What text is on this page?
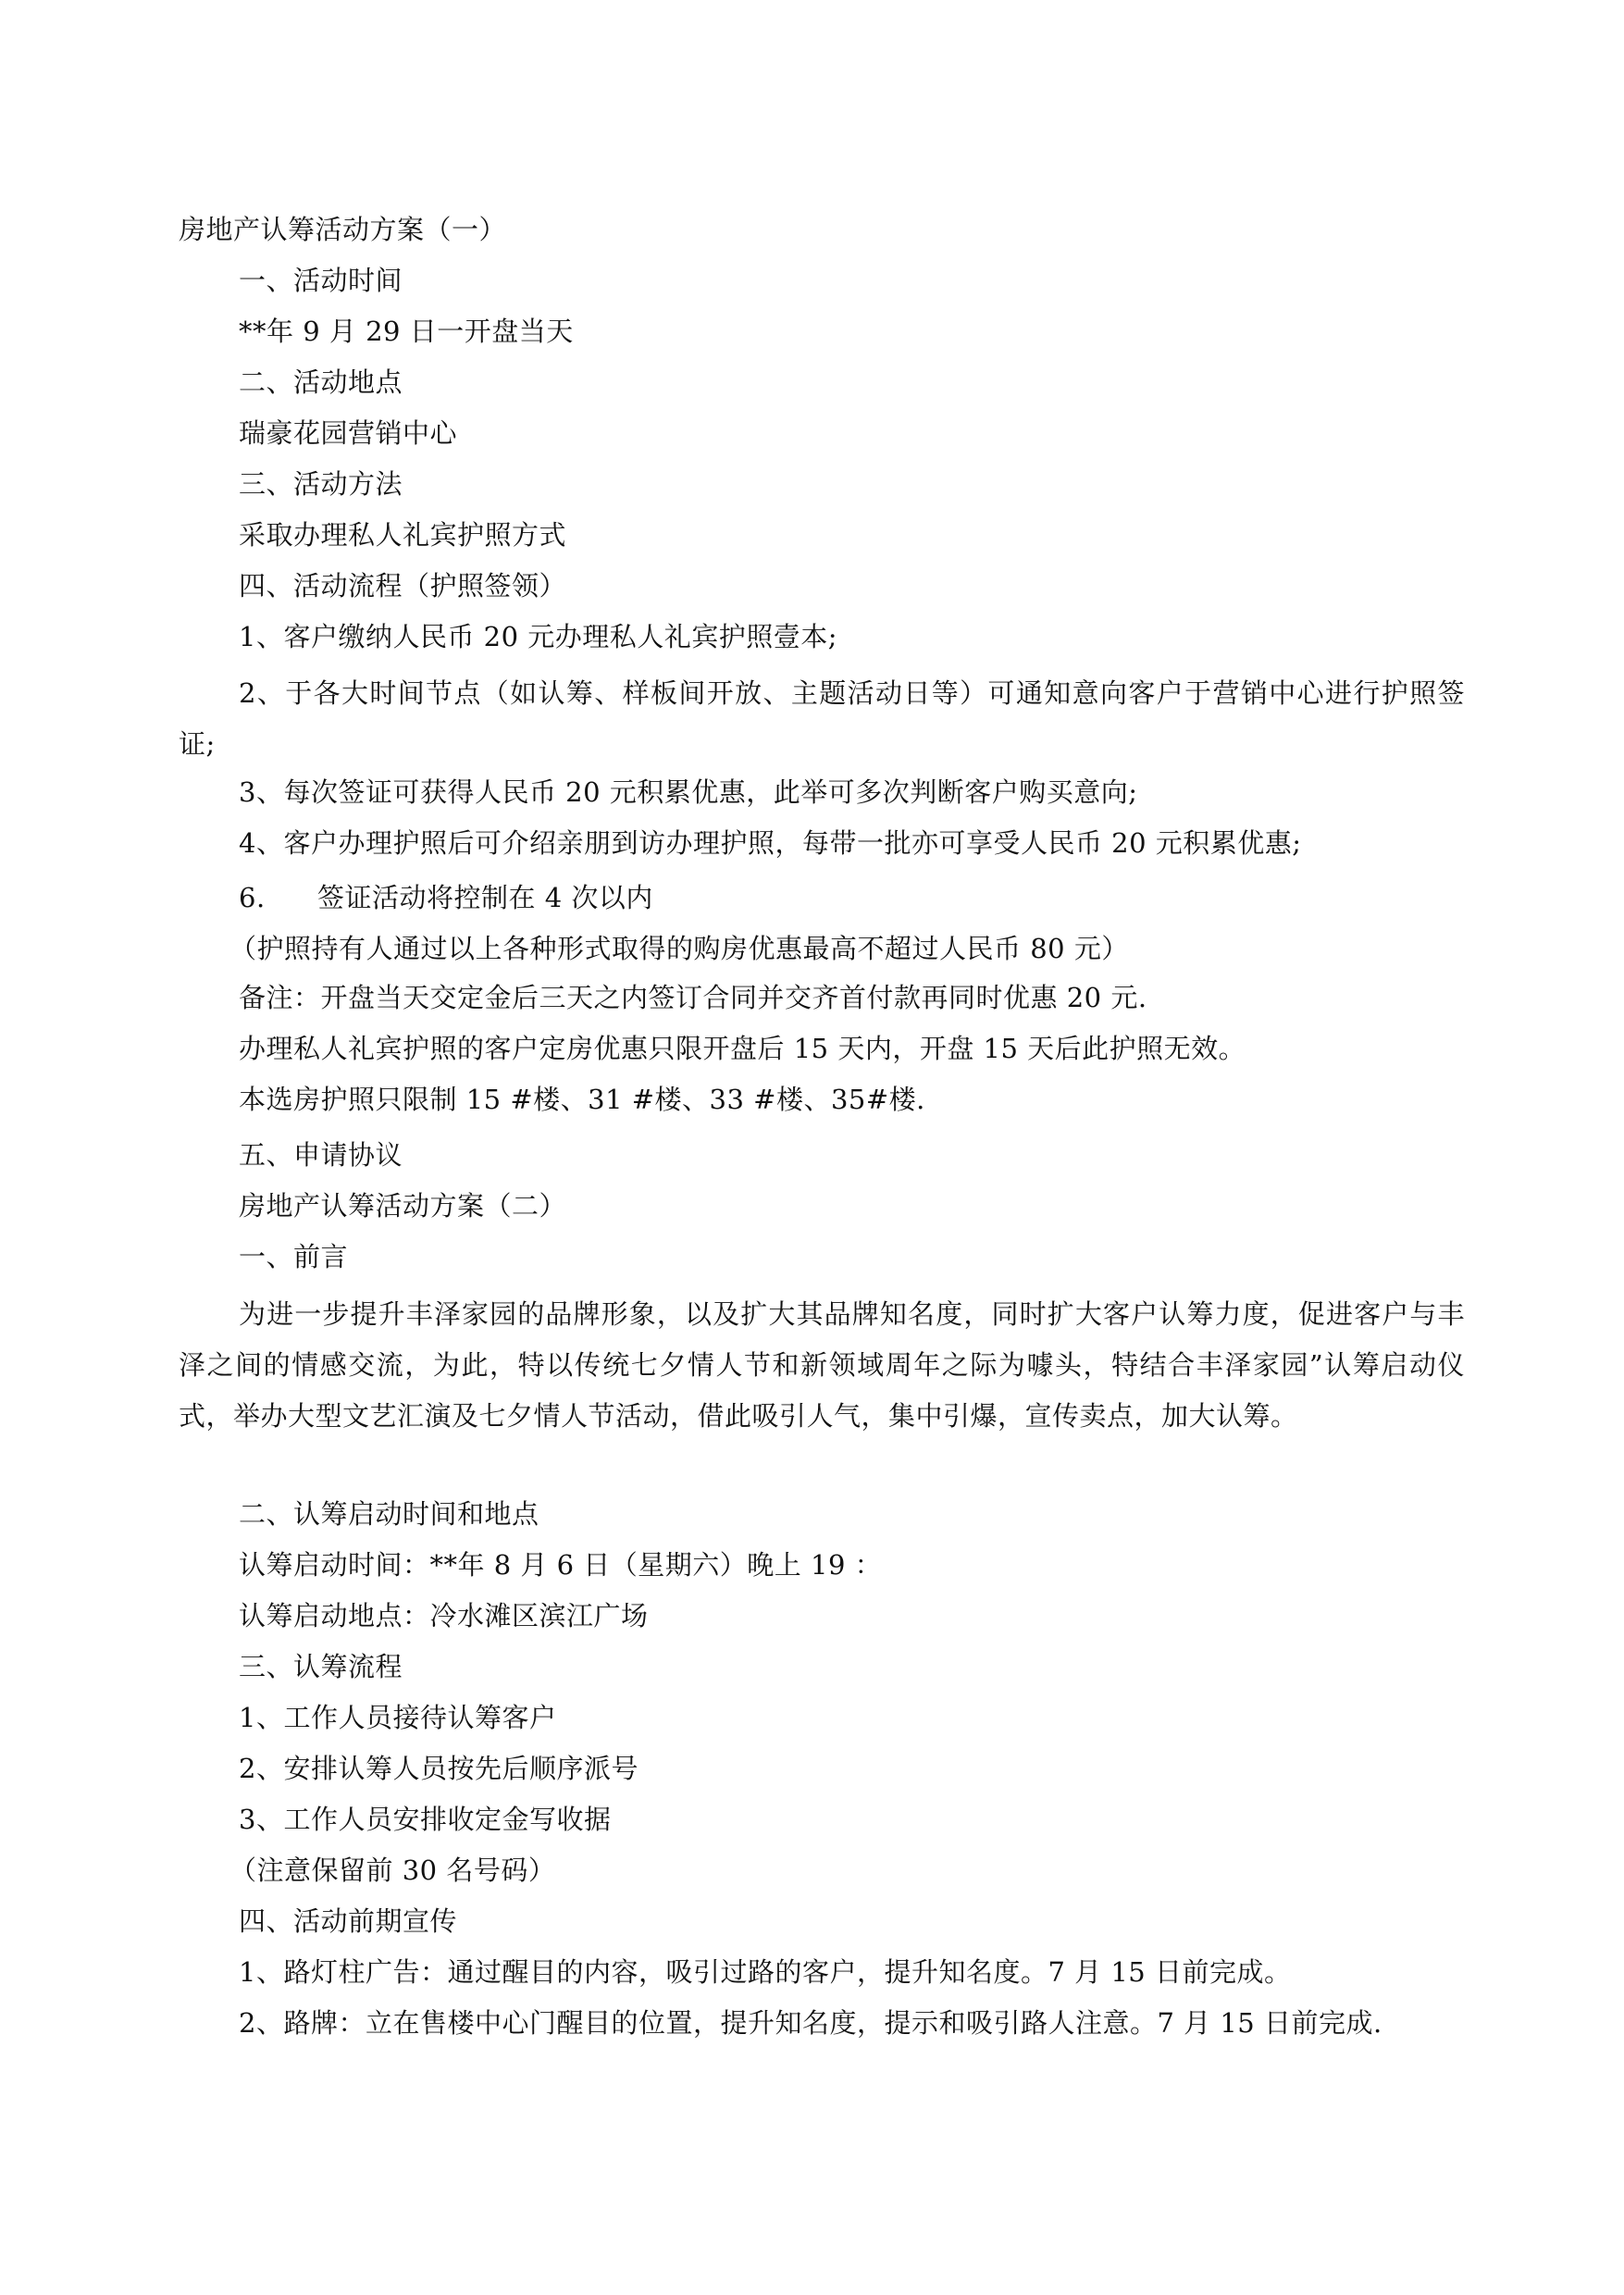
房地产认筹活动方案（一）
一、活动时间
**年 9 月 29 日一开盘当天
二、活动地点
瑞豪花园营销中心
三、活动方法
采取办理私人礼宾护照方式
四、活动流程（护照签领）
1、客户缴纳人民币 20 元办理私人礼宾护照壹本;
2、于各大时间节点（如认筹、样板间开放、主题活动日等）可通知意向客户于营销中心进行护照签证;
3、每次签证可获得人民币 20 元积累优惠，此举可多次判断客户购买意向;
4、客户办理护照后可介绍亲朋到访办理护照，每带一批亦可享受人民币 20 元积累优惠;
6. 签证活动将控制在 4 次以内
（护照持有人通过以上各种形式取得的购房优惠最高不超过人民币 80 元）
备注：开盘当天交定金后三天之内签订合同并交齐首付款再同时优惠 20 元.
办理私人礼宾护照的客户定房优惠只限开盘后 15 天内，开盘 15 天后此护照无效。
本选房护照只限制 15 #楼、31 #楼、33 #楼、35#楼.
五、申请协议
房地产认筹活动方案（二）
一、前言
为进一步提升丰泽家园的品牌形象，以及扩大其品牌知名度，同时扩大客户认筹力度，促进客户与丰泽之间的情感交流，为此，特以传统七夕情人节和新领域周年之际为噱头，特结合丰泽家园”认筹启动仪式，举办大型文艺汇演及七夕情人节活动，借此吸引人气，集中引爆，宣传卖点，加大认筹。
二、认筹启动时间和地点
认筹启动时间：**年 8 月 6 日（星期六）晚上 19 ：
认筹启动地点：冷水滩区滨江广场
三、认筹流程
1、工作人员接待认筹客户
2、安排认筹人员按先后顺序派号
3、工作人员安排收定金写收据
（注意保留前 30 名号码）
四、活动前期宣传
1、路灯柱广告：通过醒目的内容，吸引过路的客户，提升知名度。7 月 15 日前完成。
2、路牌：立在售楼中心门醒目的位置，提升知名度，提示和吸引路人注意。7 月 15 日前完成.
